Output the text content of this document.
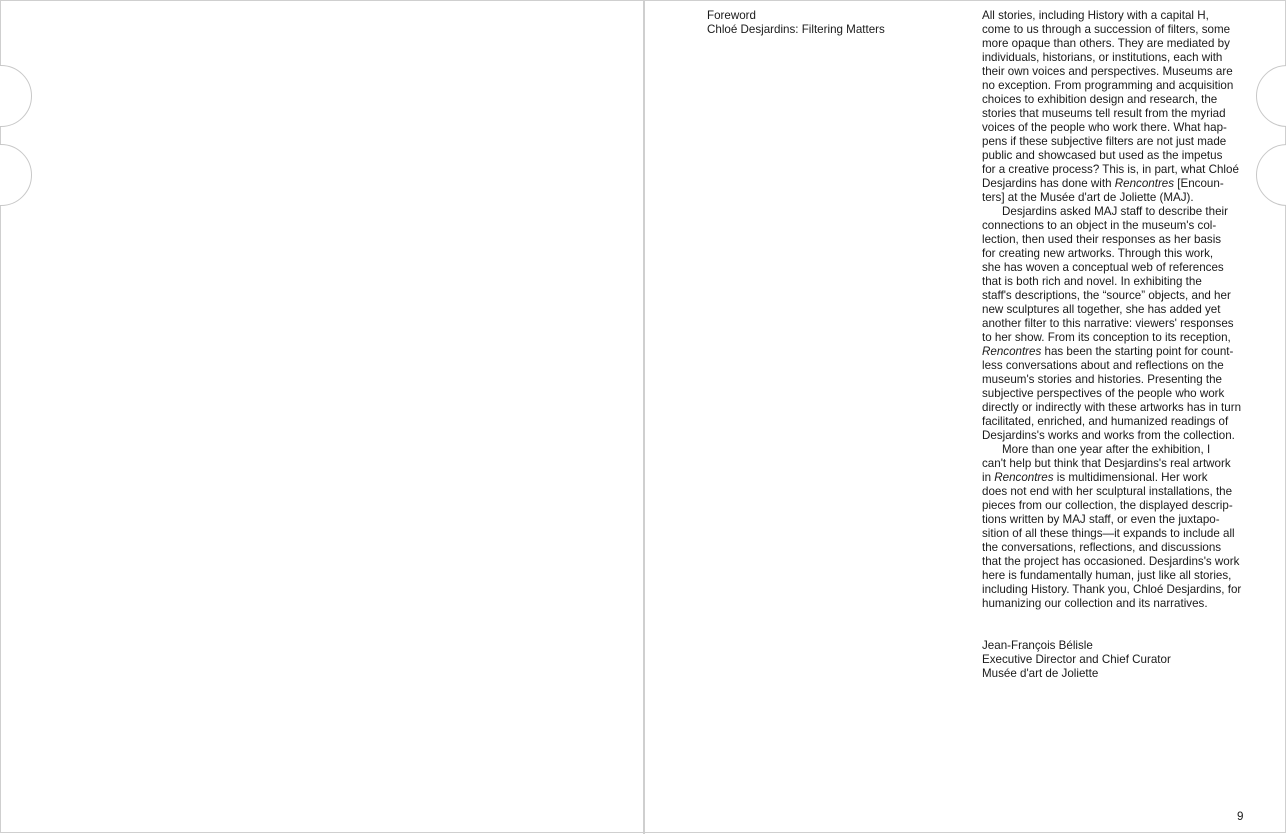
Foreword
Chloé Desjardins: Filtering Matters
All stories, including History with a capital H,
come to us through a succession of filters, some
more opaque than others. They are mediated by
individuals, historians, or institutions, each with
their own voices and perspectives. Museums are
no exception. From programming and acquisition
choices to exhibition design and research, the
stories that museums tell result from the myriad
voices of the people who work there. What hap-
pens if these subjective filters are not just made
public and showcased but used as the impetus
for a creative process? This is, in part, what Chloé
Desjardins has done with Rencontres [Encoun-
ters] at the Musée d'art de Joliette (MAJ).
Desjardins asked MAJ staff to describe their
connections to an object in the museum's col-
lection, then used their responses as her basis
for creating new artworks. Through this work,
she has woven a conceptual web of references
that is both rich and novel. In exhibiting the
staff's descriptions, the “source” objects, and her
new sculptures all together, she has added yet
another filter to this narrative: viewers' responses
to her show. From its conception to its reception,
Rencontres has been the starting point for count-
less conversations about and reflections on the
museum's stories and histories. Presenting the
subjective perspectives of the people who work
directly or indirectly with these artworks has in turn
facilitated, enriched, and humanized readings of
Desjardins's works and works from the collection.
More than one year after the exhibition, I
can't help but think that Desjardins's real artwork
in Rencontres is multidimensional. Her work
does not end with her sculptural installations, the
pieces from our collection, the displayed descrip-
tions written by MAJ staff, or even the juxtapo-
sition of all these things—it expands to include all
the conversations, reflections, and discussions
that the project has occasioned. Desjardins's work
here is fundamentally human, just like all stories,
including History. Thank you, Chloé Desjardins, for
humanizing our collection and its narratives.
Jean-François Bélisle
Executive Director and Chief Curator
Musée d'art de Joliette
9
